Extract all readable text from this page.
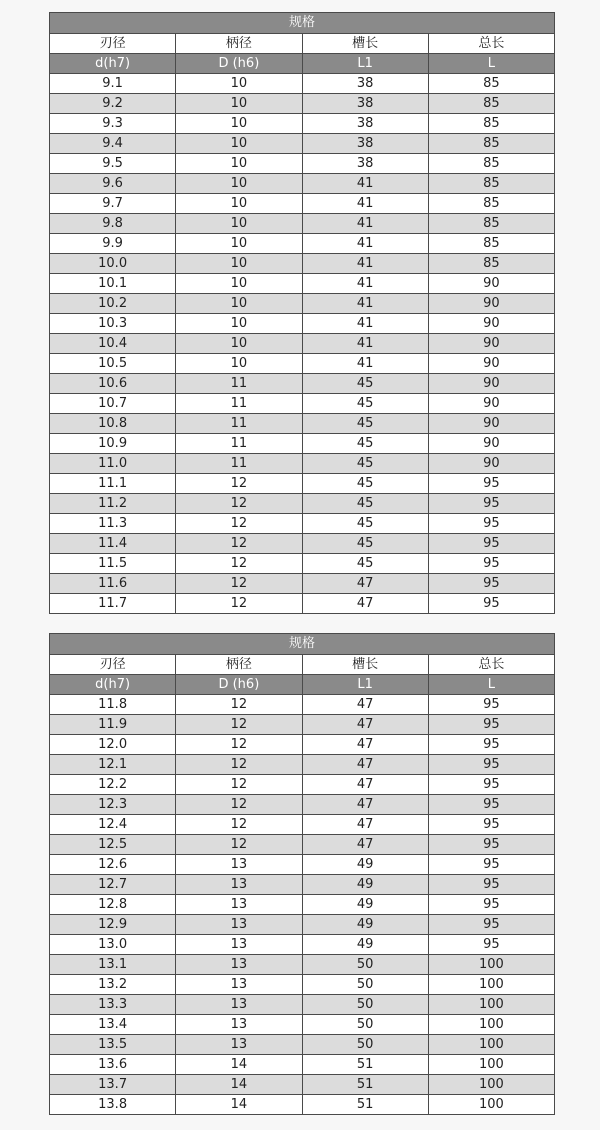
规格			
刃径	柄径	槽长	总长
d(h7)	D (h6)	L1	L
9.1	10	38	85
9.2	10	38	85
9.3	10	38	85
9.4	10	38	85
9.5	10	38	85
9.6	10	41	85
9.7	10	41	85
9.8	10	41	85
9.9	10	41	85
10.0	10	41	85
10.1	10	41	90
10.2	10	41	90
10.3	10	41	90
10.4	10	41	90
10.5	10	41	90
10.6	11	45	90
10.7	11	45	90
10.8	11	45	90
10.9	11	45	90
11.0	11	45	90
11.1	12	45	95
11.2	12	45	95
11.3	12	45	95
11.4	12	45	95
11.5	12	45	95
11.6	12	47	95
11.7	12	47	95
规格			
刃径	柄径	槽长	总长
d(h7)	D (h6)	L1	L
11.8	12	47	95
11.9	12	47	95
12.0	12	47	95
12.1	12	47	95
12.2	12	47	95
12.3	12	47	95
12.4	12	47	95
12.5	12	47	95
12.6	13	49	95
12.7	13	49	95
12.8	13	49	95
12.9	13	49	95
13.0	13	49	95
13.1	13	50	100
13.2	13	50	100
13.3	13	50	100
13.4	13	50	100
13.5	13	50	100
13.6	14	51	100
13.7	14	51	100
13.8	14	51	100
